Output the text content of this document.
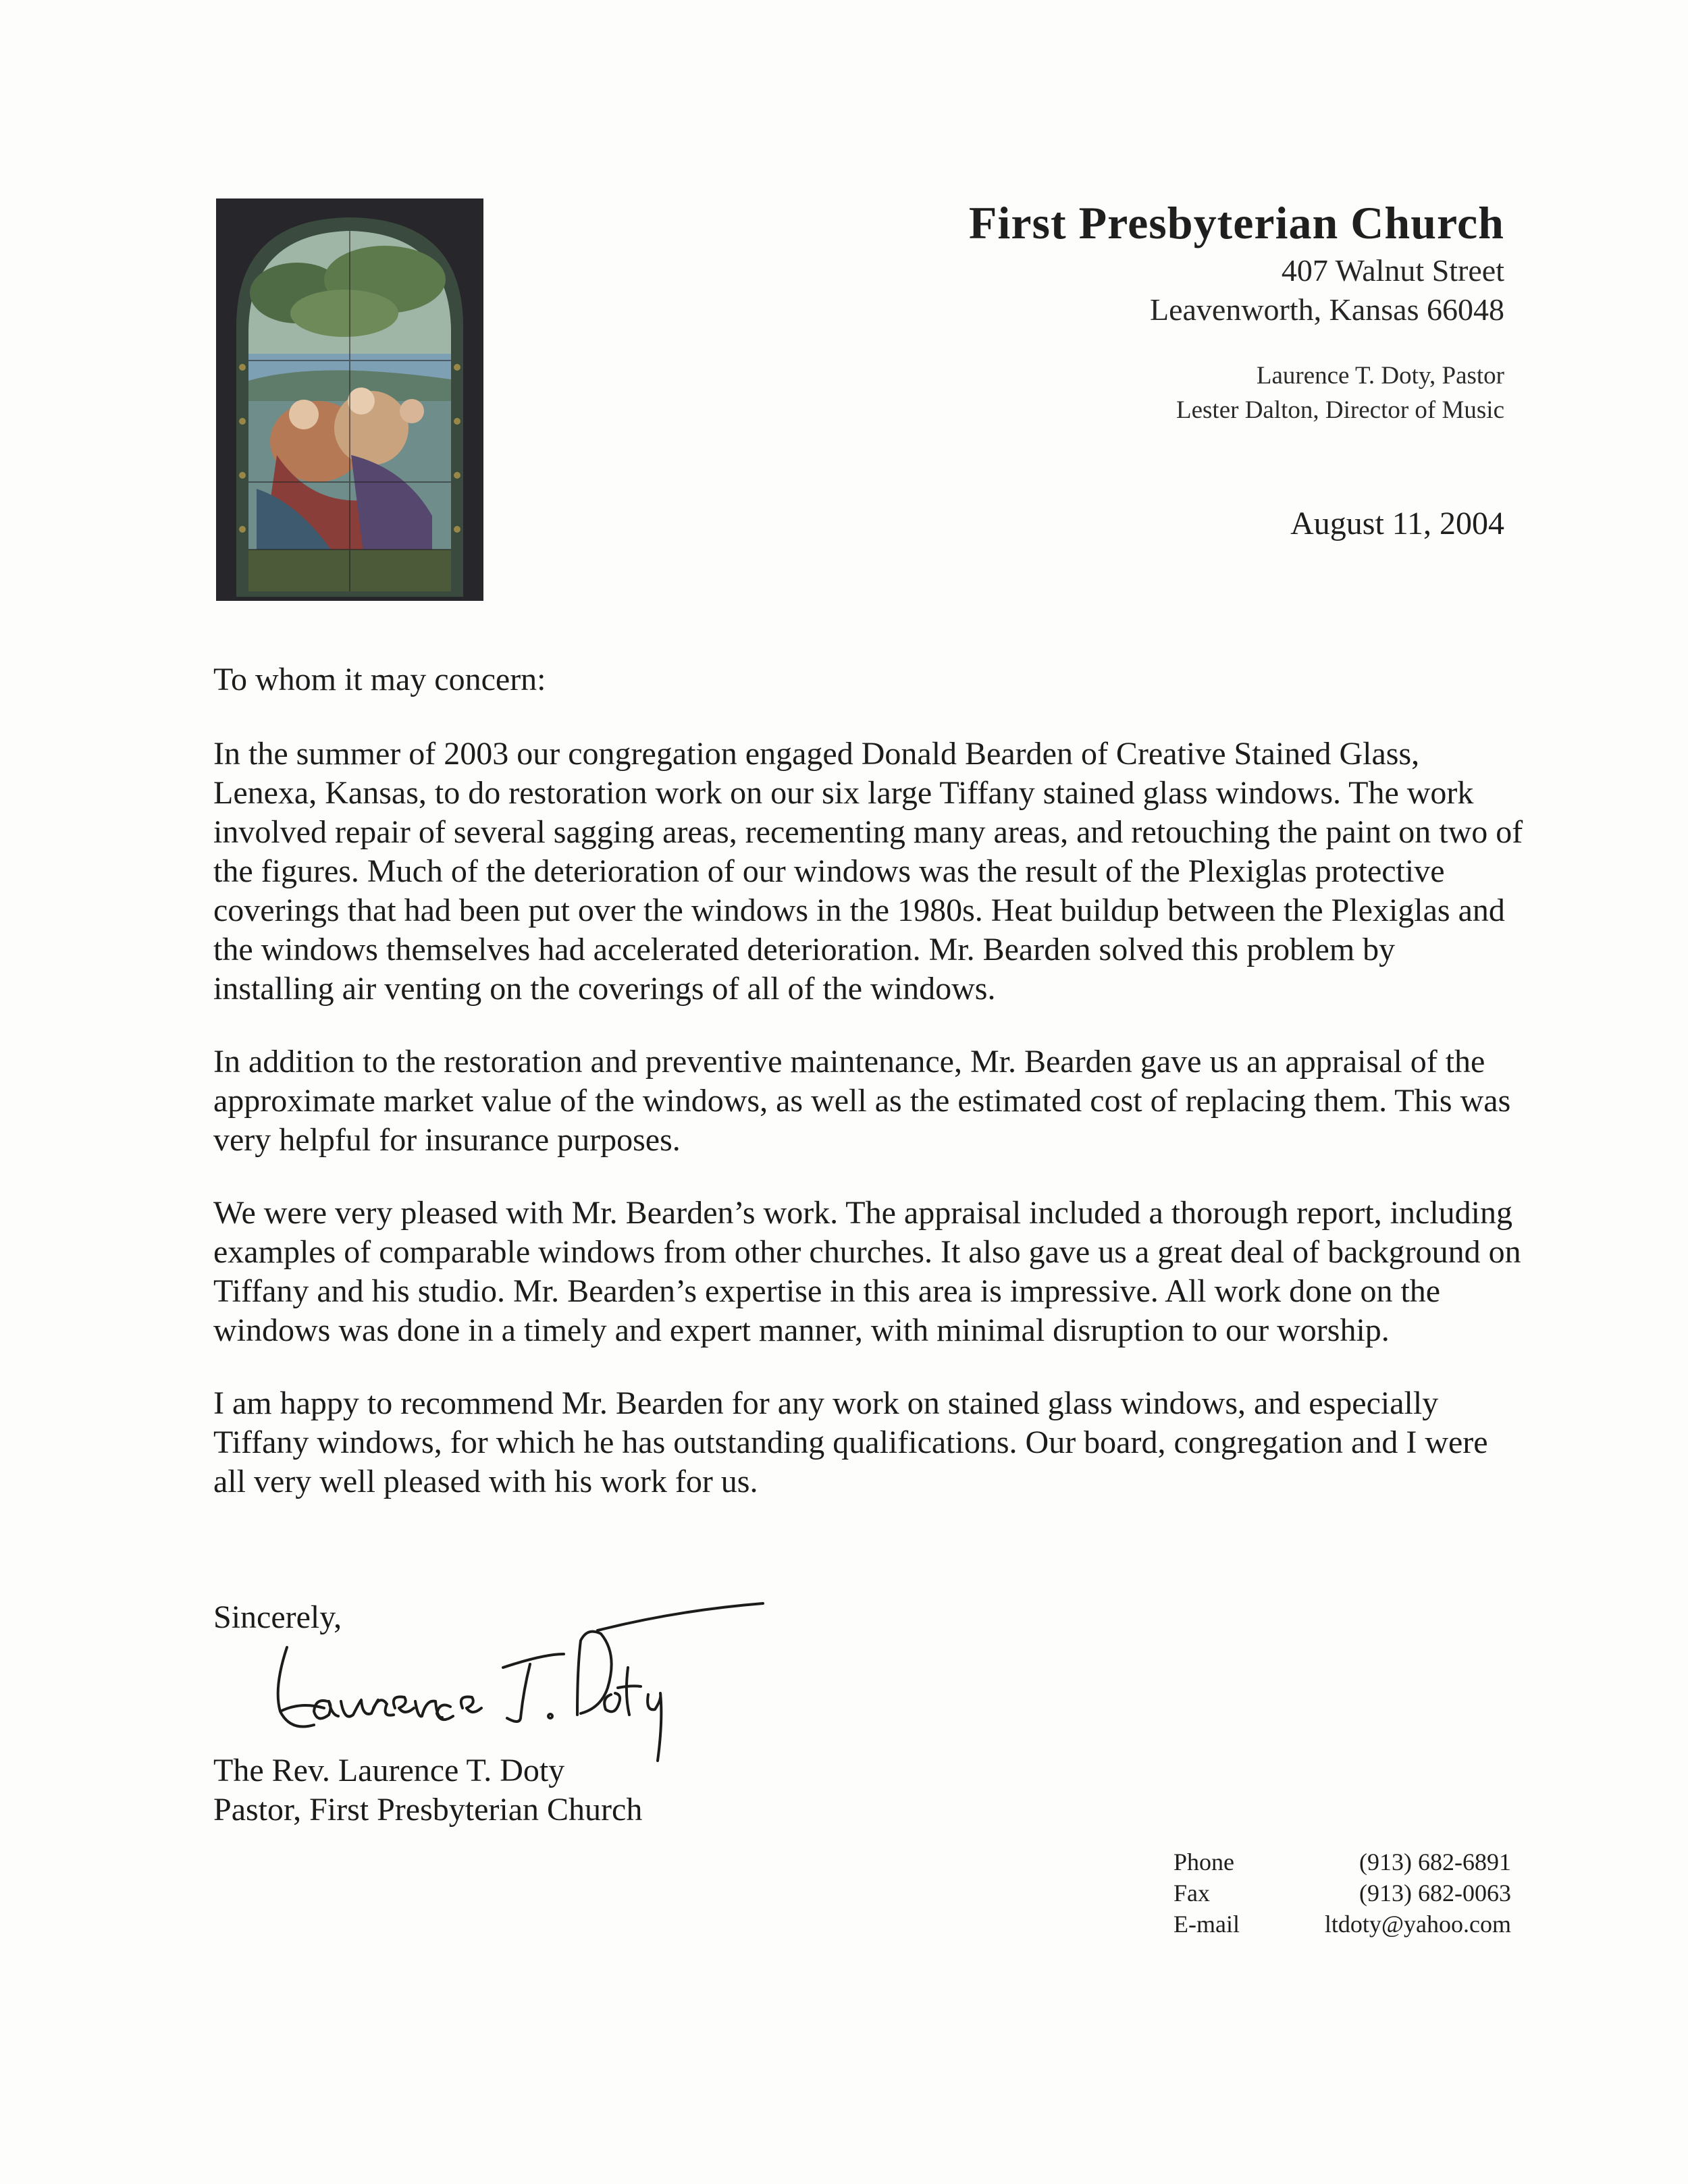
First Presbyterian Church
407 Walnut Street
Leavenworth, Kansas 66048
Laurence T. Doty, Pastor
Lester Dalton, Director of Music
August 11, 2004

To whom it may concern:

In the summer of 2003 our congregation engaged Donald Bearden of Creative Stained Glass, Lenexa, Kansas, to do restoration work on our six large Tiffany stained glass windows. The work involved repair of several sagging areas, recementing many areas, and retouching the paint on two of the figures. Much of the deterioration of our windows was the result of the Plexiglas protective coverings that had been put over the windows in the 1980s. Heat buildup between the Plexiglas and the windows themselves had accelerated deterioration. Mr. Bearden solved this problem by installing air venting on the coverings of all of the windows.

In addition to the restoration and preventive maintenance, Mr. Bearden gave us an appraisal of the approximate market value of the windows, as well as the estimated cost of replacing them. This was very helpful for insurance purposes.

We were very pleased with Mr. Bearden’s work. The appraisal included a thorough report, including examples of comparable windows from other churches. It also gave us a great deal of background on Tiffany and his studio. Mr. Bearden’s expertise in this area is impressive. All work done on the windows was done in a timely and expert manner, with minimal disruption to our worship.

I am happy to recommend Mr. Bearden for any work on stained glass windows, and especially Tiffany windows, for which he has outstanding qualifications. Our board, congregation and I were all very well pleased with his work for us.

Sincerely,
The Rev. Laurence T. Doty
Pastor, First Presbyterian Church
Phone	(913) 682-6891
Fax	(913) 682-0063
E-mail	ltdoty@yahoo.com
